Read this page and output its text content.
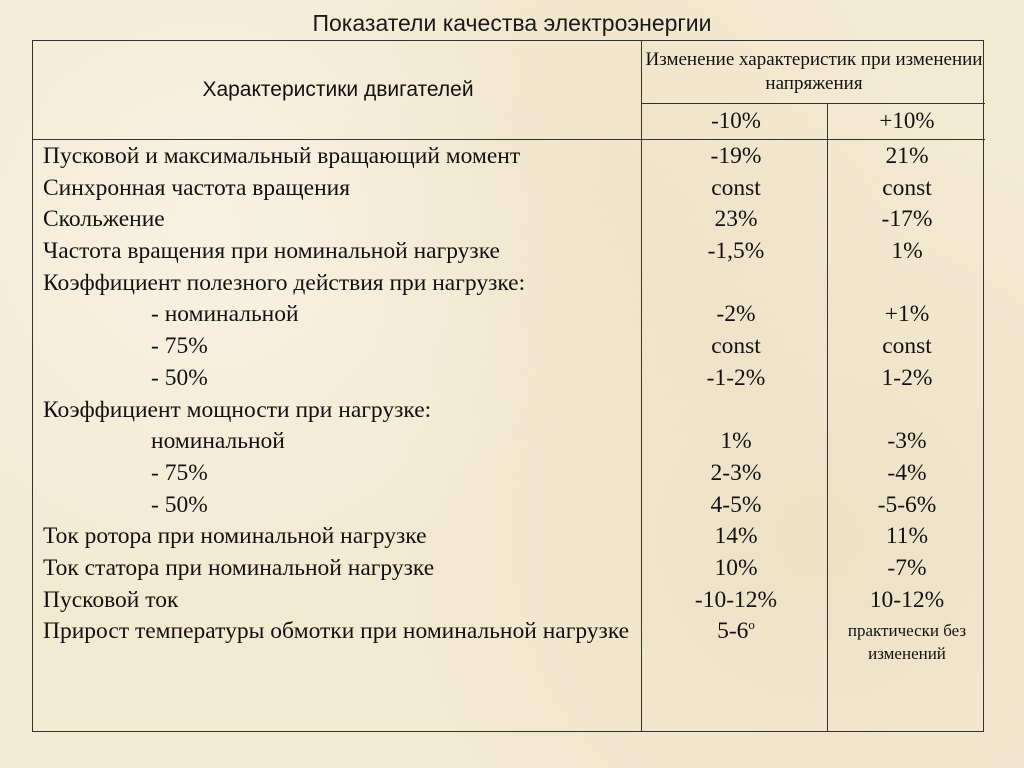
Показатели качества электроэнергии
Характеристики двигателей
Изменение характеристик при изменении напряжения
-10%	+10%
Пусковой и максимальный вращающий момент	-19%	21%
Синхронная частота вращения	const	const
Скольжение	23%	-17%
Частота вращения при номинальной нагрузке	-1,5%	1%
Коэффициент полезного действия при нагрузке:
- номинальной	-2%	+1%
- 75%	const	const
- 50%	-1-2%	1-2%
Коэффициент мощности при нагрузке:
номинальной	1%	-3%
- 75%	2-3%	-4%
- 50%	4-5%	-5-6%
Ток ротора при номинальной нагрузке	14%	11%
Ток статора при номинальной нагрузке	10%	-7%
Пусковой ток	-10-12%	10-12%
Прирост температуры обмотки при номинальной нагрузке	$5-6^о$	практически без изменений
